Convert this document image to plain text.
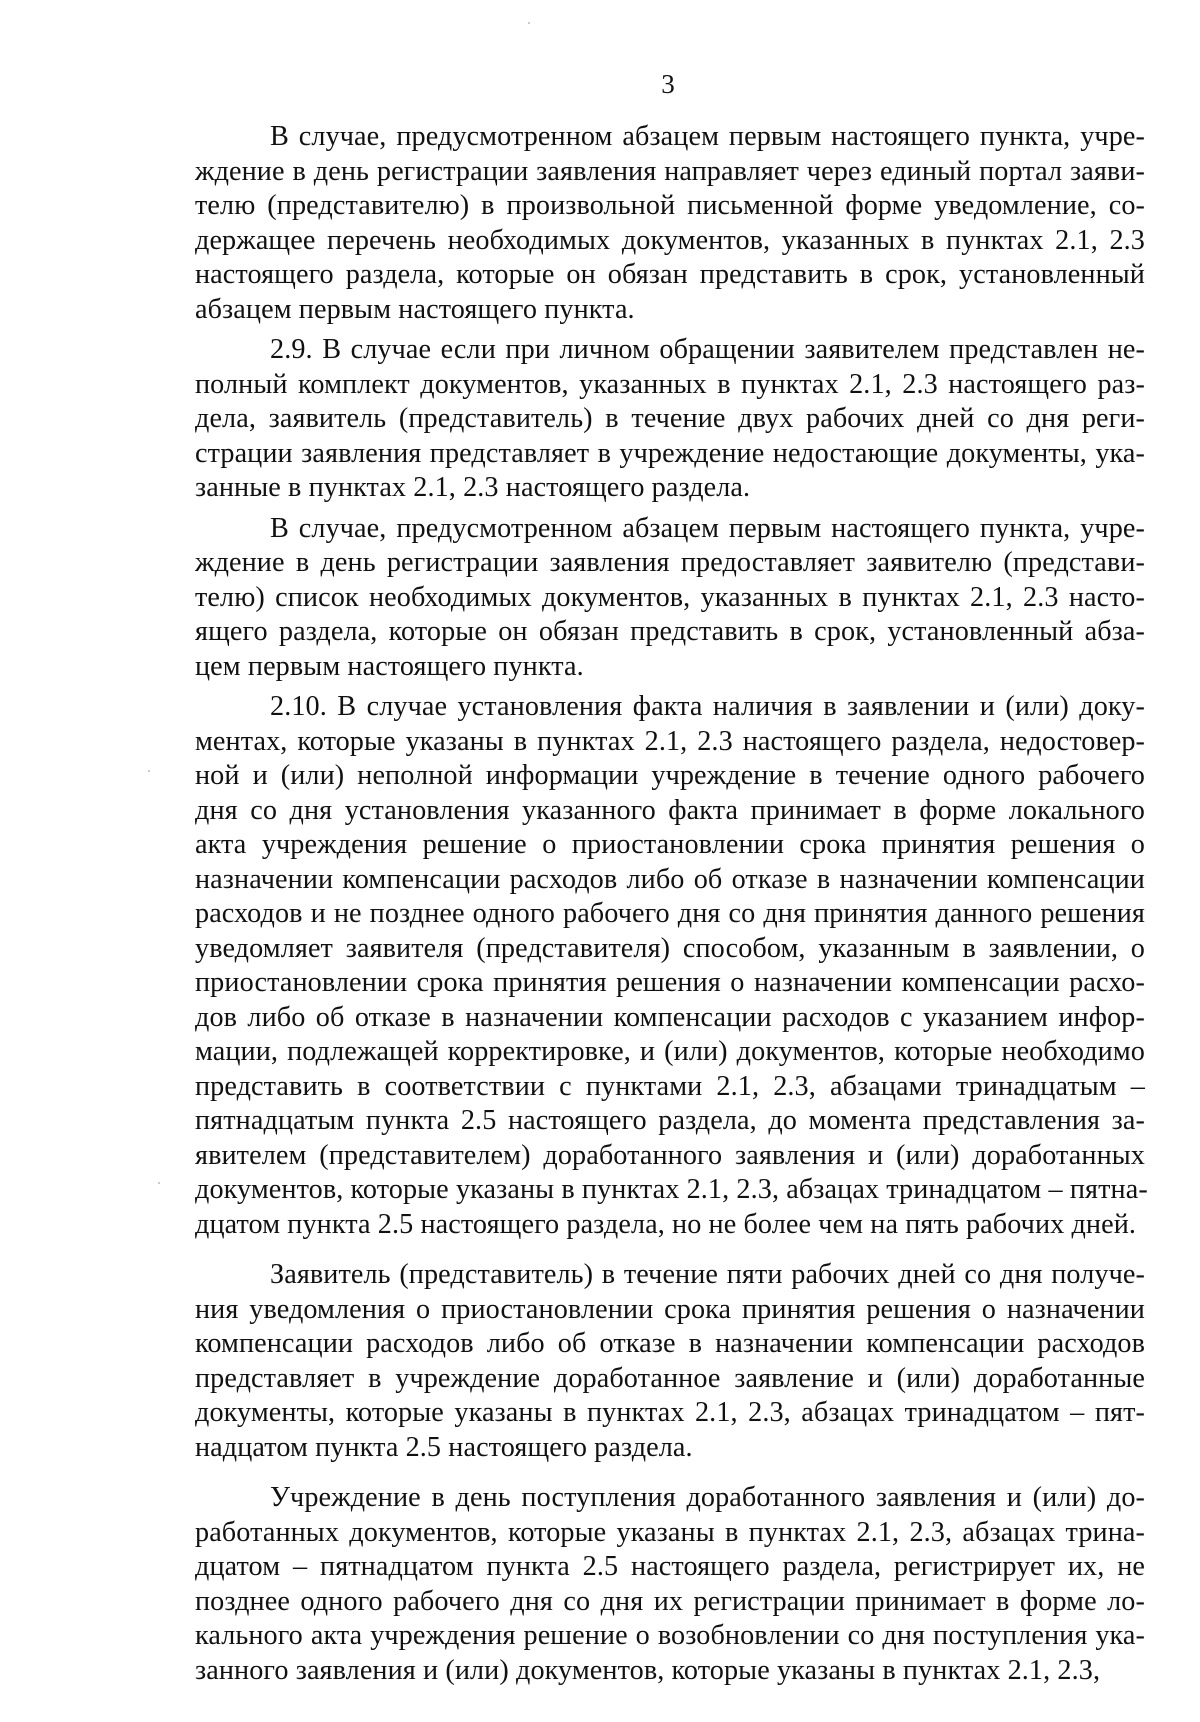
3
В случае, предусмотренном абзацем первым настоящего пункта, учре-
ждение в день регистрации заявления направляет через единый портал заяви-
телю (представителю) в произвольной письменной форме уведомление, со-
держащее перечень необходимых документов, указанных в пунктах 2.1, 2.3
настоящего раздела, которые он обязан представить в срок, установленный
абзацем первым настоящего пункта.
2.9. В случае если при личном обращении заявителем представлен не-
полный комплект документов, указанных в пунктах 2.1, 2.3 настоящего раз-
дела, заявитель (представитель) в течение двух рабочих дней со дня реги-
страции заявления представляет в учреждение недостающие документы, ука-
занные в пунктах 2.1, 2.3 настоящего раздела.
В случае, предусмотренном абзацем первым настоящего пункта, учре-
ждение в день регистрации заявления предоставляет заявителю (представи-
телю) список необходимых документов, указанных в пунктах 2.1, 2.3 насто-
ящего раздела, которые он обязан представить в срок, установленный абза-
цем первым настоящего пункта.
2.10. В случае установления факта наличия в заявлении и (или) доку-
ментах, которые указаны в пунктах 2.1, 2.3 настоящего раздела, недостовер-
ной и (или) неполной информации учреждение в течение одного рабочего
дня со дня установления указанного факта принимает в форме локального
акта учреждения решение о приостановлении срока принятия решения о
назначении компенсации расходов либо об отказе в назначении компенсации
расходов и не позднее одного рабочего дня со дня принятия данного решения
уведомляет заявителя (представителя) способом, указанным в заявлении, о
приостановлении срока принятия решения о назначении компенсации расхо-
дов либо об отказе в назначении компенсации расходов с указанием инфор-
мации, подлежащей корректировке, и (или) документов, которые необходимо
представить в соответствии с пунктами 2.1, 2.3, абзацами тринадцатым –
пятнадцатым пункта 2.5 настоящего раздела, до момента представления за-
явителем (представителем) доработанного заявления и (или) доработанных
документов, которые указаны в пунктах 2.1, 2.3, абзацах тринадцатом – пятна-
дцатом пункта 2.5 настоящего раздела, но не более чем на пять рабочих дней.
Заявитель (представитель) в течение пяти рабочих дней со дня получе-
ния уведомления о приостановлении срока принятия решения о назначении
компенсации расходов либо об отказе в назначении компенсации расходов
представляет в учреждение доработанное заявление и (или) доработанные
документы, которые указаны в пунктах 2.1, 2.3, абзацах тринадцатом – пят-
надцатом пункта 2.5 настоящего раздела.
Учреждение в день поступления доработанного заявления и (или) до-
работанных документов, которые указаны в пунктах 2.1, 2.3, абзацах трина-
дцатом – пятнадцатом пункта 2.5 настоящего раздела, регистрирует их, не
позднее одного рабочего дня со дня их регистрации принимает в форме ло-
кального акта учреждения решение о возобновлении со дня поступления ука-
занного заявления и (или) документов, которые указаны в пунктах 2.1, 2.3,
